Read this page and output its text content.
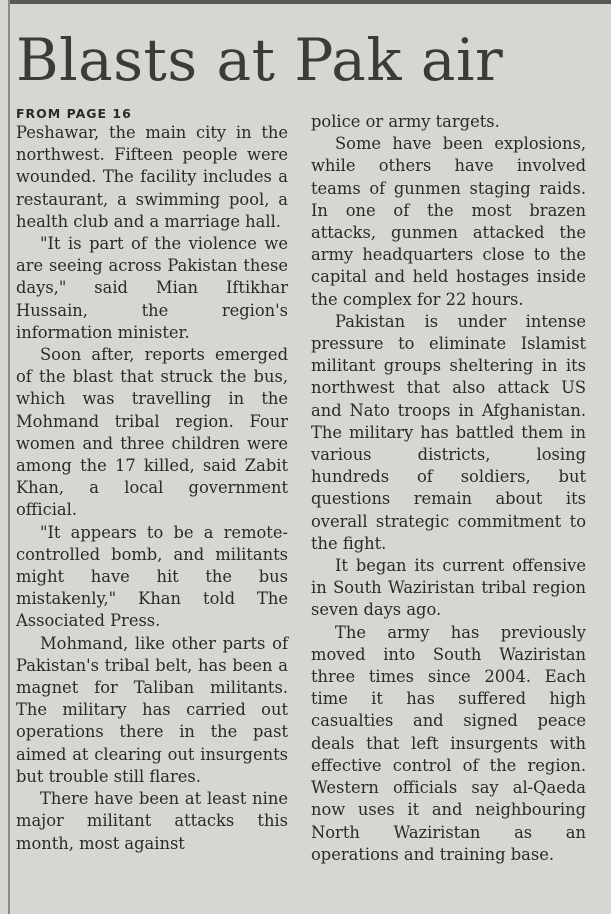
Blasts at Pak air
FROM PAGE 16

Peshawar, the main city in the northwest. Fifteen people were wounded. The facility includes a restaurant, a swimming pool, a health club and a marriage hall.

"It is part of the violence we are seeing across Pakistan these days," said Mian Iftikhar Hussain, the region's information minister.

Soon after, reports emerged of the blast that struck the bus, which was travelling in the Mohmand tribal region. Four women and three children were among the 17 killed, said Zabit Khan, a local government official.

"It appears to be a remote-controlled bomb, and militants might have hit the bus mistakenly," Khan told The Associated Press.

Mohmand, like other parts of Pakistan's tribal belt, has been a magnet for Taliban militants. The military has carried out operations there in the past aimed at clearing out insurgents but trouble still flares.

There have been at least nine major militant attacks this month, most against

police or army targets.

Some have been explosions, while others have involved teams of gunmen staging raids. In one of the most brazen attacks, gunmen attacked the army headquarters close to the capital and held hostages inside the complex for 22 hours.

Pakistan is under intense pressure to eliminate Islamist militant groups sheltering in its northwest that also attack US and Nato troops in Afghanistan. The military has battled them in various districts, losing hundreds of soldiers, but questions remain about its overall strategic commitment to the fight.

It began its current offensive in South Waziristan tribal region seven days ago.

The army has previously moved into South Waziristan three times since 2004. Each time it has suffered high casualties and signed peace deals that left insurgents with effective control of the region. Western officials say al-Qaeda now uses it and neighbouring North Waziristan as an operations and training base.
